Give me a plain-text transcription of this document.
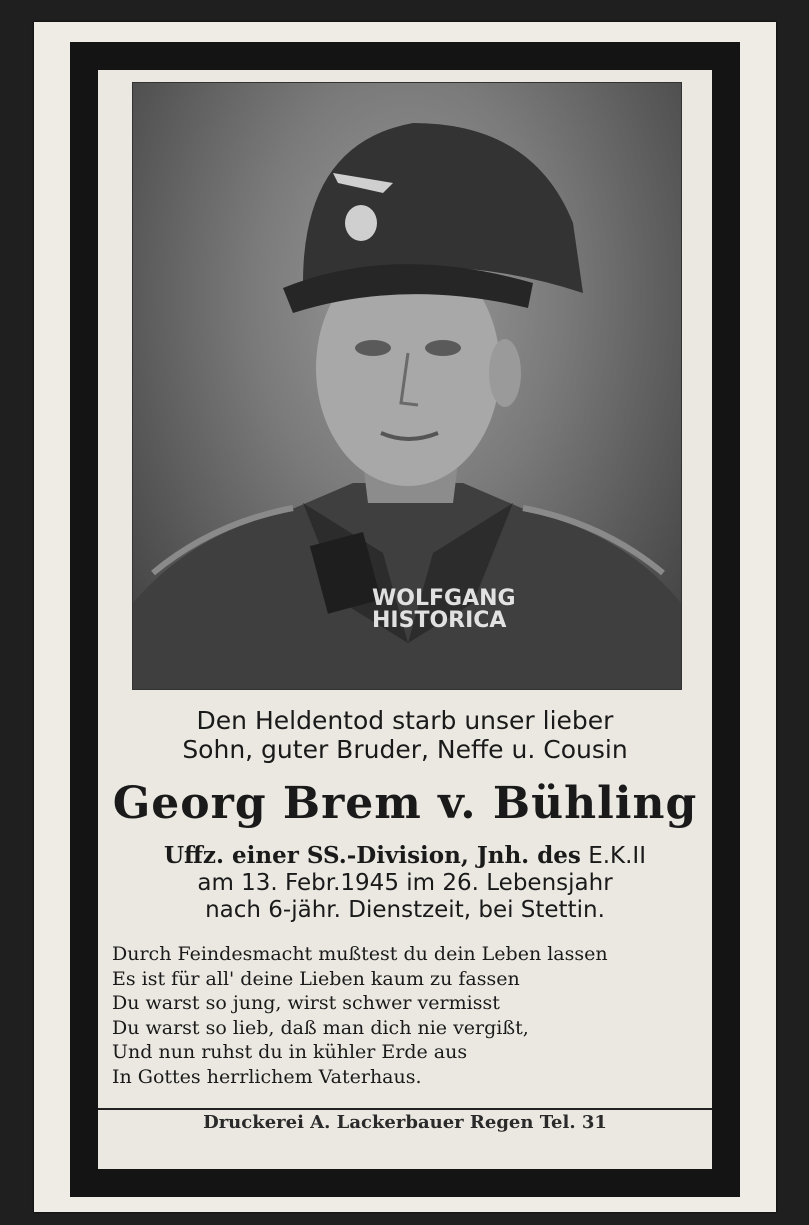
WOLFGANG
HISTORICA
Den Heldentod starb unser lieber
Sohn, guter Bruder, Neffe u. Cousin
Georg Brem v. Bühling
Uffz. einer SS.-Division, Jnh. des E.K.II
am 13. Febr.1945 im 26. Lebensjahr
nach 6-jähr. Dienstzeit, bei Stettin.
Durch Feindesmacht mußtest du dein Leben lassen
Es ist für all' deine Lieben kaum zu fassen
Du warst so jung, wirst schwer vermisst
Du warst so lieb, daß man dich nie vergißt,
Und nun ruhst du in kühler Erde aus
In Gottes herrlichem Vaterhaus.
Druckerei A. Lackerbauer Regen Tel. 31
